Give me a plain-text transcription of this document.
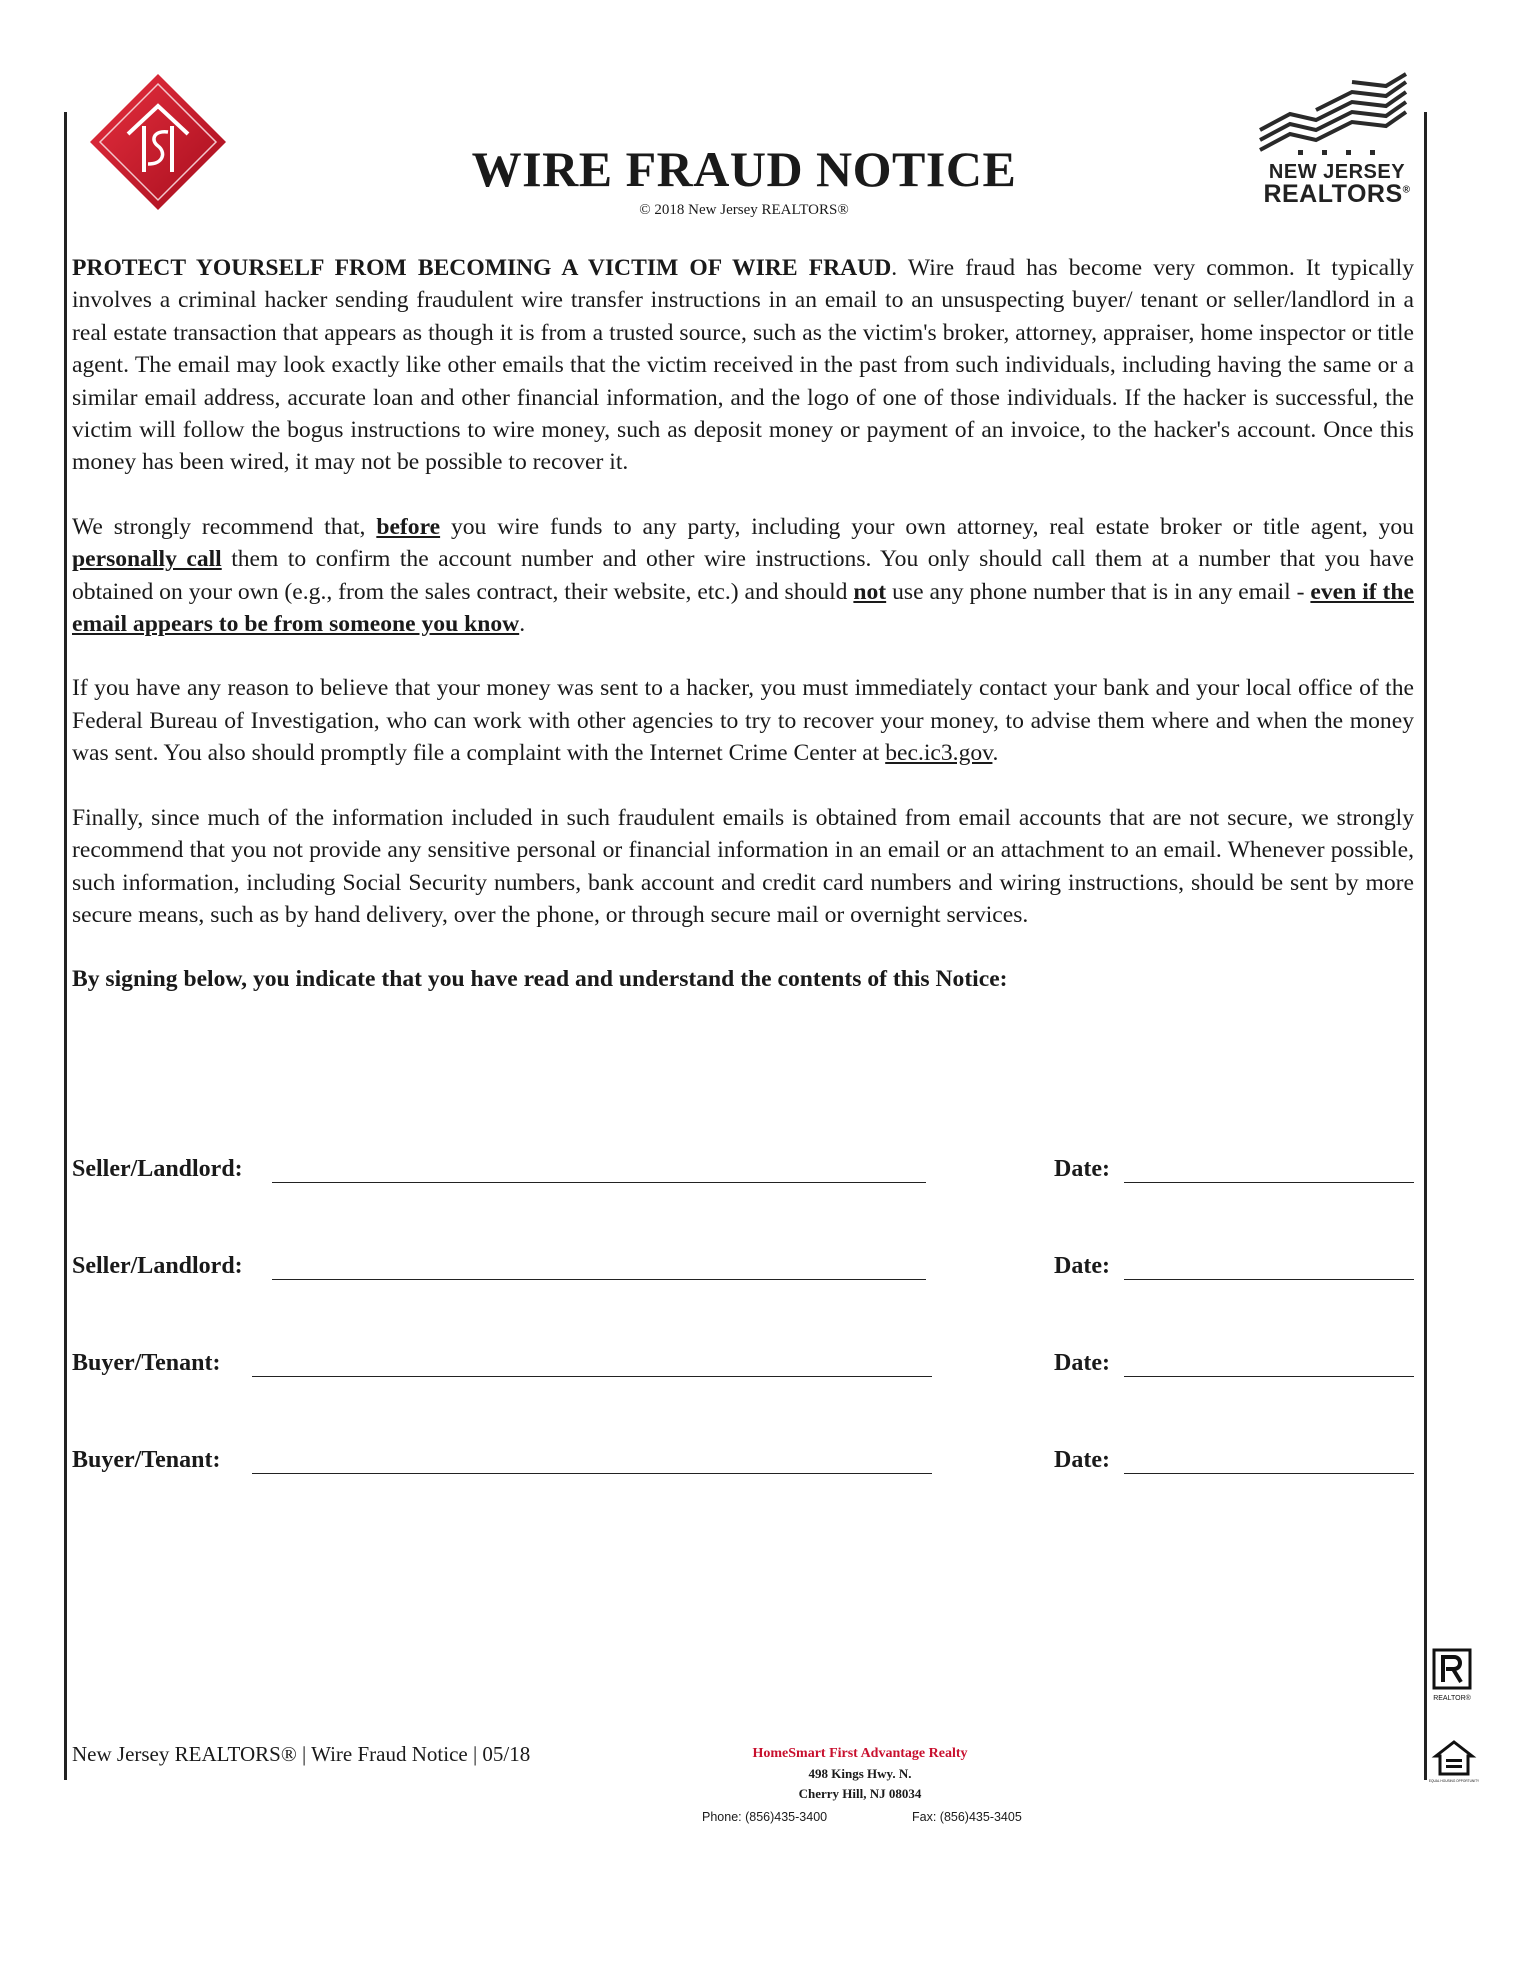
NEW JERSEY
REALTORS®
WIRE FRAUD NOTICE
© 2018 New Jersey REALTORS®

PROTECT YOURSELF FROM BECOMING A VICTIM OF WIRE FRAUD. Wire fraud has become very common. It typically involves a criminal hacker sending fraudulent wire transfer instructions in an email to an unsuspecting buyer/ tenant or seller/landlord in a real estate transaction that appears as though it is from a trusted source, such as the victim's broker, attorney, appraiser, home inspector or title agent. The email may look exactly like other emails that the victim received in the past from such individuals, including having the same or a similar email address, accurate loan and other financial information, and the logo of one of those individuals. If the hacker is successful, the victim will follow the bogus instructions to wire money, such as deposit money or payment of an invoice, to the hacker's account. Once this money has been wired, it may not be possible to recover it.

We strongly recommend that, before you wire funds to any party, including your own attorney, real estate broker or title agent, you personally call them to confirm the account number and other wire instructions. You only should call them at a number that you have obtained on your own (e.g., from the sales contract, their website, etc.) and should not use any phone number that is in any email - even if the email appears to be from someone you know.

If you have any reason to believe that your money was sent to a hacker, you must immediately contact your bank and your local office of the Federal Bureau of Investigation, who can work with other agencies to try to recover your money, to advise them where and when the money was sent. You also should promptly file a complaint with the Internet Crime Center at bec.ic3.gov.

Finally, since much of the information included in such fraudulent emails is obtained from email accounts that are not secure, we strongly recommend that you not provide any sensitive personal or financial information in an email or an attachment to an email. Whenever possible, such information, including Social Security numbers, bank account and credit card numbers and wiring instructions, should be sent by more secure means, such as by hand delivery, over the phone, or through secure mail or overnight services.

By signing below, you indicate that you have read and understand the contents of this Notice:

Seller/Landlord:	Date:
Seller/Landlord:	Date:
Buyer/Tenant:	Date:
Buyer/Tenant:	Date:
New Jersey REALTORS® | Wire Fraud Notice | 05/18	HomeSmart First Advantage Realty
498 Kings Hwy. N.
Cherry Hill, NJ 08034
Phone: (856)435-3400	Fax: (856)435-3405
REALTOR®
EQUAL HOUSING OPPORTUNITY
